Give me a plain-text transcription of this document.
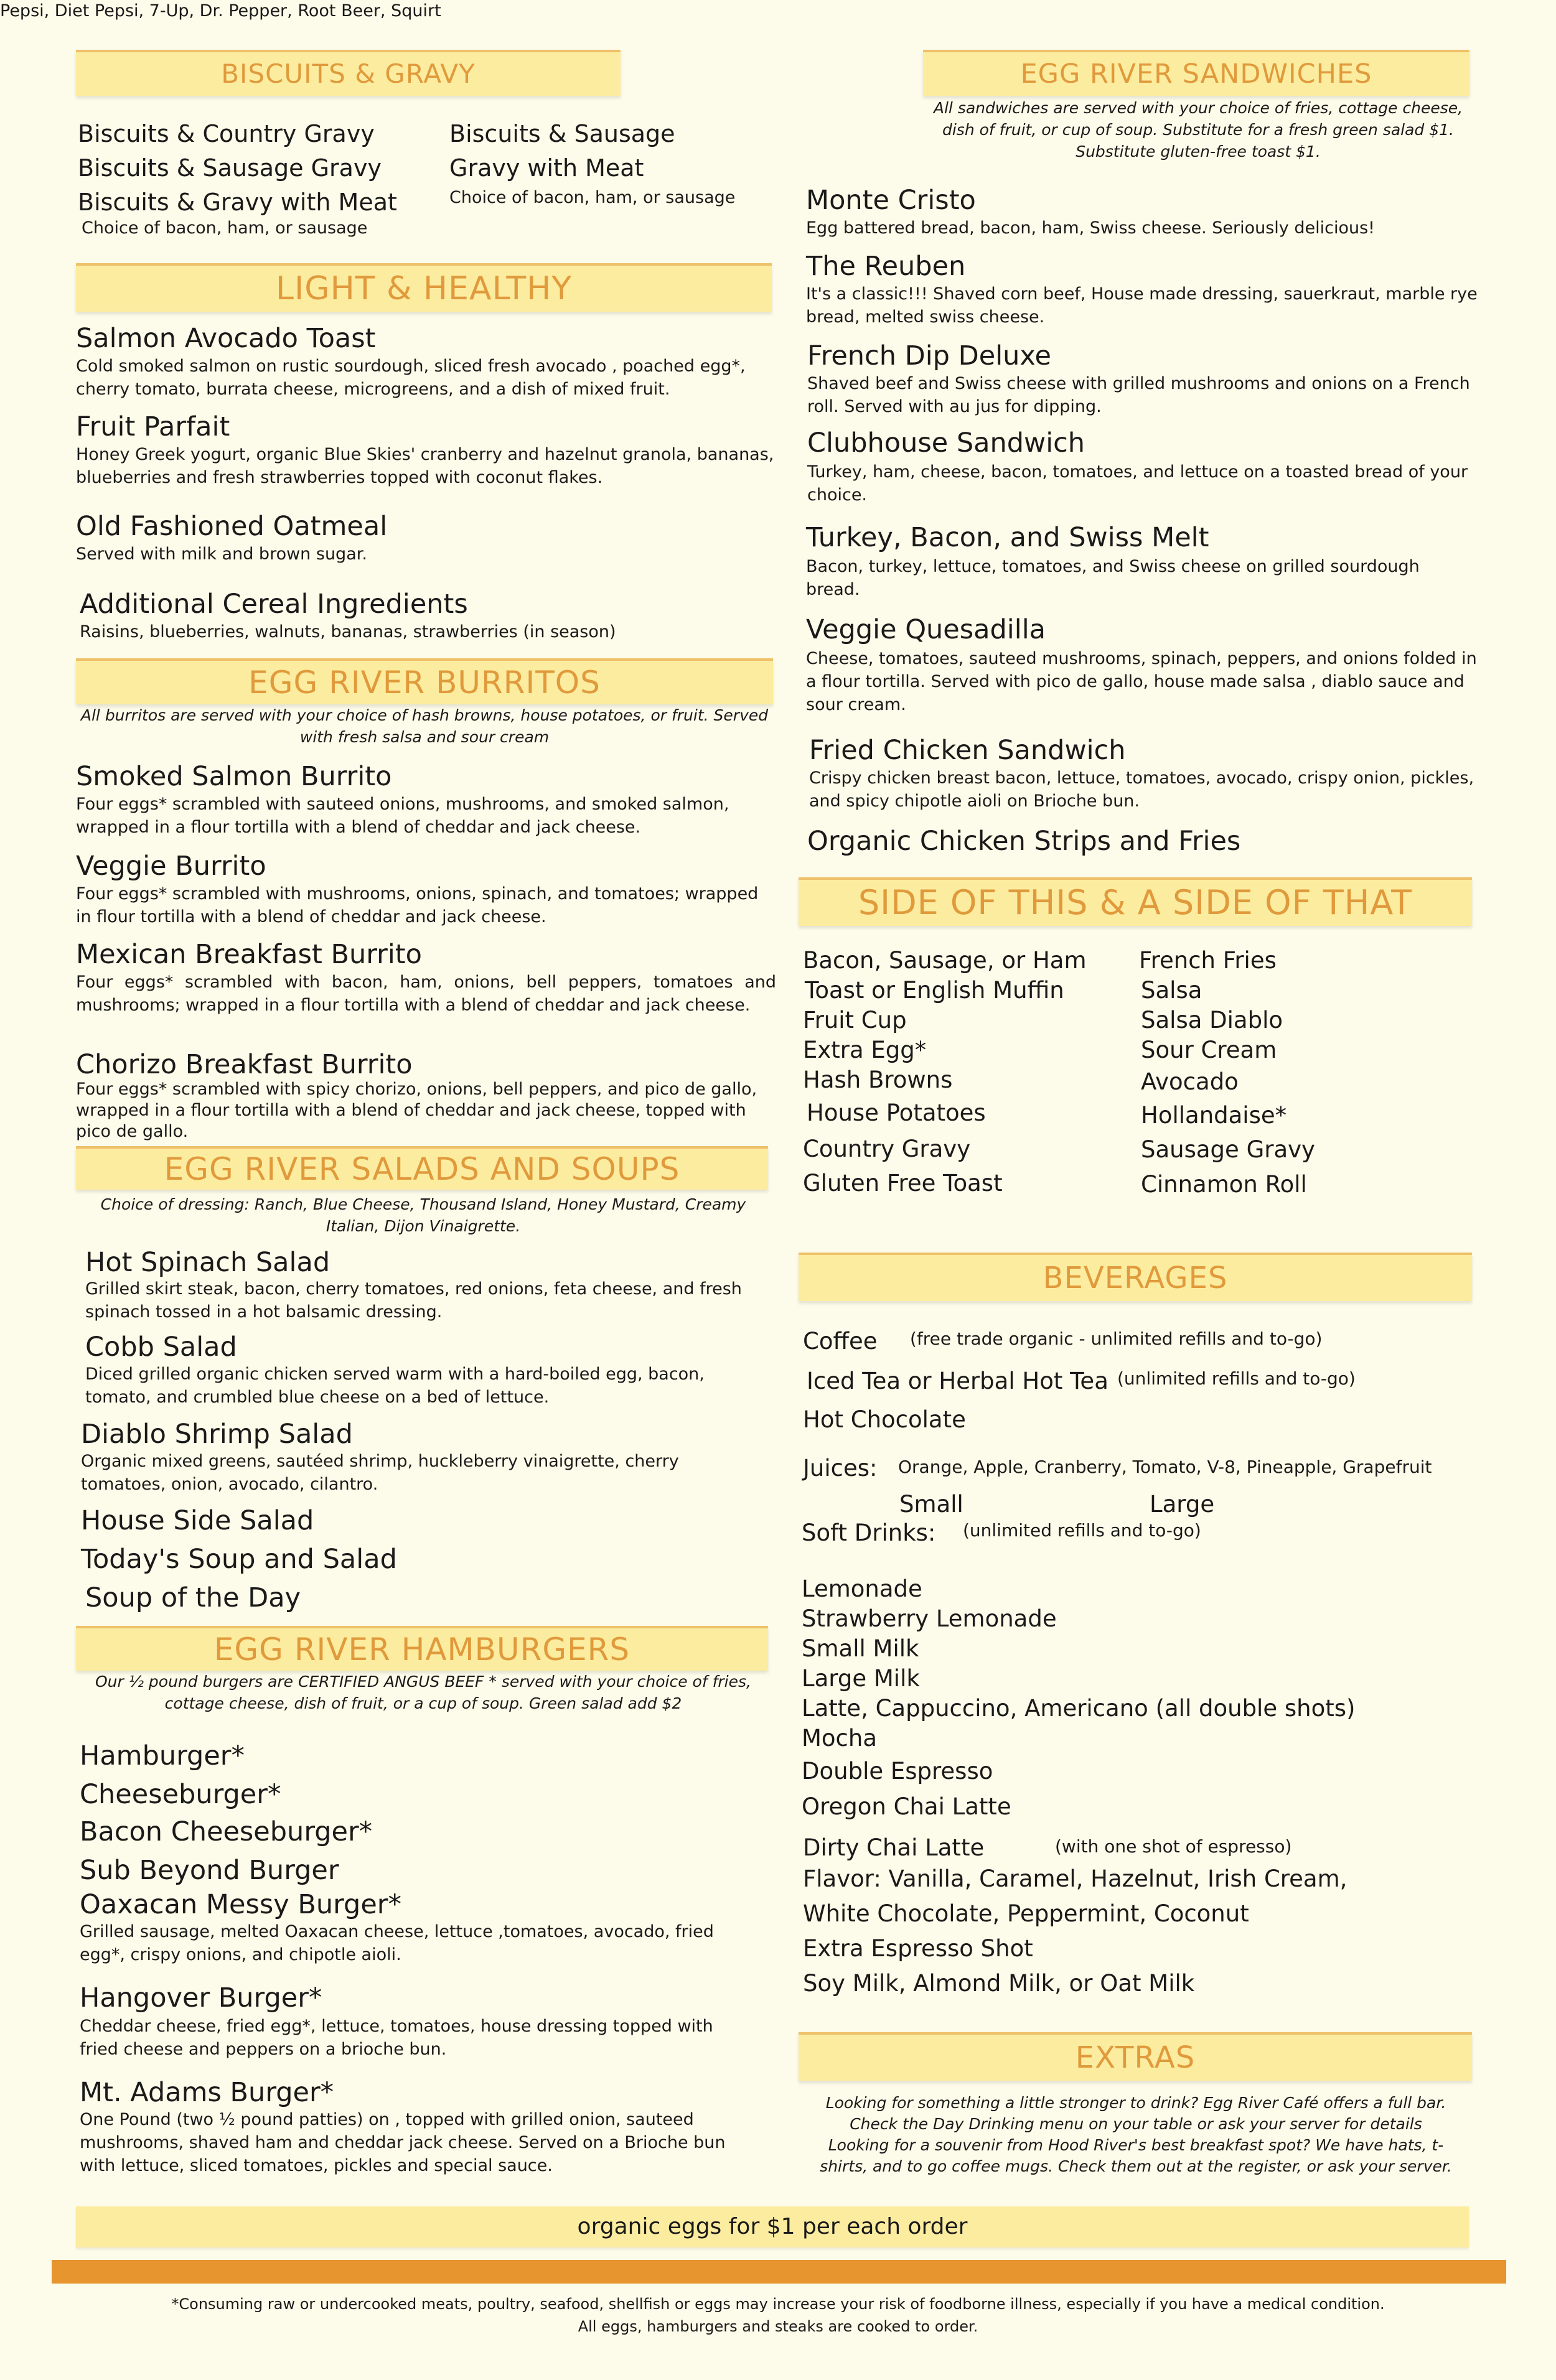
BISCUITS & GRAVY
Biscuits & Country Gravy
Biscuits & Sausage Gravy
Biscuits & Gravy with Meat
Choice of bacon, ham, or sausage
Biscuits & Sausage
Gravy with Meat
Choice of bacon, ham, or sausage
LIGHT & HEALTHY
Salmon Avocado Toast
Cold smoked salmon on rustic sourdough, sliced fresh avocado , poached egg*, cherry tomato, burrata cheese, microgreens, and a dish of mixed fruit.
Fruit Parfait
Honey Greek yogurt, organic Blue Skies' cranberry and hazelnut granola, bananas, blueberries and fresh strawberries topped with coconut flakes.
Old Fashioned Oatmeal
Served with milk and brown sugar.
Additional Cereal Ingredients
Raisins, blueberries, walnuts, bananas, strawberries (in season)
EGG RIVER BURRITOS
All burritos are served with your choice of hash browns, house potatoes, or fruit. Served with fresh salsa and sour cream
Smoked Salmon Burrito
Four eggs* scrambled with sauteed onions, mushrooms, and smoked salmon, wrapped in a flour tortilla with a blend of cheddar and jack cheese.
Veggie Burrito
Four eggs* scrambled with mushrooms, onions, spinach, and tomatoes; wrapped in flour tortilla with a blend of cheddar and jack cheese.
Mexican Breakfast Burrito
Four eggs* scrambled with bacon, ham, onions, bell peppers, tomatoes and mushrooms; wrapped in a flour tortilla with a blend of cheddar and jack cheese.
Chorizo Breakfast Burrito
Four eggs* scrambled with spicy chorizo, onions, bell peppers, and pico de gallo, wrapped in a flour tortilla with a blend of cheddar and jack cheese, topped with pico de gallo.
EGG RIVER SALADS AND SOUPS
Choice of dressing: Ranch, Blue Cheese, Thousand Island, Honey Mustard, Creamy Italian, Dijon Vinaigrette.
Hot Spinach Salad
Grilled skirt steak, bacon, cherry tomatoes, red onions, feta cheese, and fresh spinach tossed in a hot balsamic dressing.
Cobb Salad
Diced grilled organic chicken served warm with a hard-boiled egg, bacon, tomato, and crumbled blue cheese on a bed of lettuce.
Diablo Shrimp Salad
Organic mixed greens, sautéed shrimp, huckleberry vinaigrette, cherry tomatoes, onion, avocado, cilantro.
House Side Salad
Today's Soup and Salad
Soup of the Day
EGG RIVER HAMBURGERS
Our ½ pound burgers are CERTIFIED ANGUS BEEF * served with your choice of fries, cottage cheese, dish of fruit, or a cup of soup. Green salad add $2
Hamburger*
Cheeseburger*
Bacon Cheeseburger*
Sub Beyond Burger
Oaxacan Messy Burger*
Grilled sausage, melted Oaxacan cheese, lettuce ,tomatoes, avocado, fried egg*, crispy onions, and chipotle aioli.
Hangover Burger*
Cheddar cheese, fried egg*, lettuce, tomatoes, house dressing topped with fried cheese and peppers on a brioche bun.
Mt. Adams Burger*
One Pound (two ½ pound patties) on , topped with grilled onion, sauteed mushrooms, shaved ham and cheddar jack cheese. Served on a Brioche bun with lettuce, sliced tomatoes, pickles and special sauce.
EGG RIVER SANDWICHES
All sandwiches are served with your choice of fries, cottage cheese, dish of fruit, or cup of soup. Substitute for a fresh green salad $1. Substitute gluten-free toast $1.
Monte Cristo
Egg battered bread, bacon, ham, Swiss cheese. Seriously delicious!
The Reuben
It's a classic!!! Shaved corn beef, House made dressing, sauerkraut, marble rye bread, melted swiss cheese.
French Dip Deluxe
Shaved beef and Swiss cheese with grilled mushrooms and onions on a French roll. Served with au jus for dipping.
Clubhouse Sandwich
Turkey, ham, cheese, bacon, tomatoes, and lettuce on a toasted bread of your choice.
Turkey, Bacon, and Swiss Melt
Bacon, turkey, lettuce, tomatoes, and Swiss cheese on grilled sourdough bread.
Veggie Quesadilla
Cheese, tomatoes, sauteed mushrooms, spinach, peppers, and onions folded in a flour tortilla. Served with pico de gallo, house made salsa , diablo sauce and sour cream.
Fried Chicken Sandwich
Crispy chicken breast bacon, lettuce, tomatoes, avocado, crispy onion, pickles, and spicy chipotle aioli on Brioche bun.
Organic Chicken Strips and Fries
SIDE OF THIS & A SIDE OF THAT
Bacon, Sausage, or Ham
Toast or English Muffin
Fruit Cup
Extra Egg*
Hash Browns
House Potatoes
Country Gravy
Gluten Free Toast
French Fries
Salsa
Salsa Diablo
Sour Cream
Avocado
Hollandaise*
Sausage Gravy
Cinnamon Roll
BEVERAGES
Coffee (free trade organic - unlimited refills and to-go)
Iced Tea or Herbal Hot Tea (unlimited refills and to-go)
Hot Chocolate
Juices: Orange, Apple, Cranberry, Tomato, V-8, Pineapple, Grapefruit
Small	Large
Soft Drinks: (unlimited refills and to-go)
Pepsi, Diet Pepsi, 7-Up, Dr. Pepper, Root Beer, Squirt
Lemonade
Strawberry Lemonade
Small Milk
Large Milk
Latte, Cappuccino, Americano (all double shots)
Mocha
Double Espresso
Oregon Chai Latte
Dirty Chai Latte	(with one shot of espresso)
Flavor: Vanilla, Caramel, Hazelnut, Irish Cream,
White Chocolate, Peppermint, Coconut
Extra Espresso Shot
Soy Milk, Almond Milk, or Oat Milk
EXTRAS
Looking for something a little stronger to drink? Egg River Café offers a full bar.
Check the Day Drinking menu on your table or ask your server for details
Looking for a souvenir from Hood River's best breakfast spot? We have hats, t-
shirts, and to go coffee mugs. Check them out at the register, or ask your server.
organic eggs for $1 per each order
*Consuming raw or undercooked meats, poultry, seafood, shellfish or eggs may increase your risk of foodborne illness, especially if you have a medical condition.
All eggs, hamburgers and steaks are cooked to order.
